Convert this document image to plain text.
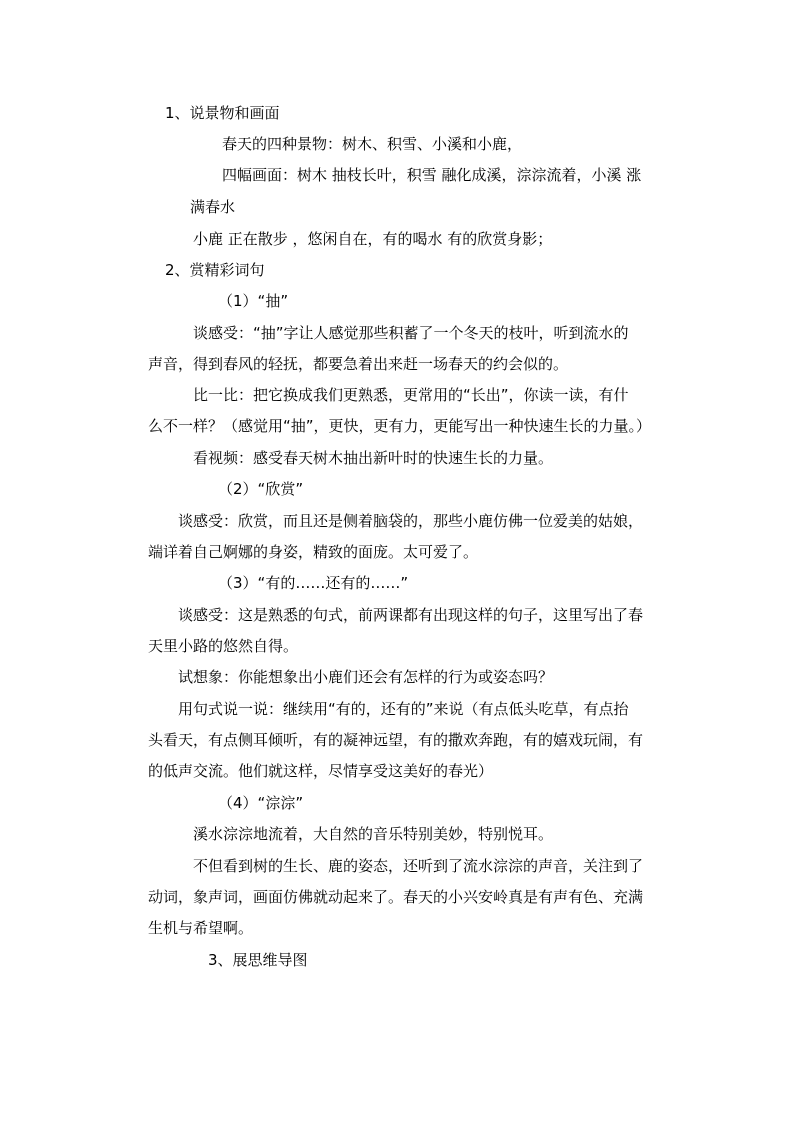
1、说景物和画面
春天的四种景物：树木、积雪、小溪和小鹿，
四幅画面：树木 抽枝长叶，积雪 融化成溪，淙淙流着，小溪 涨
满春水
小鹿 正在散步 ，悠闲自在，有的喝水 有的欣赏身影；
2、赏精彩词句
（1）“抽”
谈感受：“抽”字让人感觉那些积蓄了一个冬天的枝叶，听到流水的
声音，得到春风的轻抚，都要急着出来赶一场春天的约会似的。
比一比：把它换成我们更熟悉，更常用的“长出”，你读一读，有什
么不一样？（感觉用“抽”，更快，更有力，更能写出一种快速生长的力量。）
看视频：感受春天树木抽出新叶时的快速生长的力量。
（2）“欣赏”
谈感受：欣赏，而且还是侧着脑袋的，那些小鹿仿佛一位爱美的姑娘，
端详着自己婀娜的身姿，精致的面庞。太可爱了。
（3）“有的……还有的……”
谈感受：这是熟悉的句式，前两课都有出现这样的句子，这里写出了春
天里小路的悠然自得。
试想象：你能想象出小鹿们还会有怎样的行为或姿态吗？
用句式说一说：继续用“有的，还有的”来说（有点低头吃草，有点抬
头看天，有点侧耳倾听，有的凝神远望，有的撒欢奔跑，有的嬉戏玩闹，有
的低声交流。他们就这样，尽情享受这美好的春光）
（4）“淙淙”
溪水淙淙地流着，大自然的音乐特别美妙，特别悦耳。
不但看到树的生长、鹿的姿态，还听到了流水淙淙的声音，关注到了
动词，象声词，画面仿佛就动起来了。春天的小兴安岭真是有声有色、充满
生机与希望啊。
3、展思维导图
